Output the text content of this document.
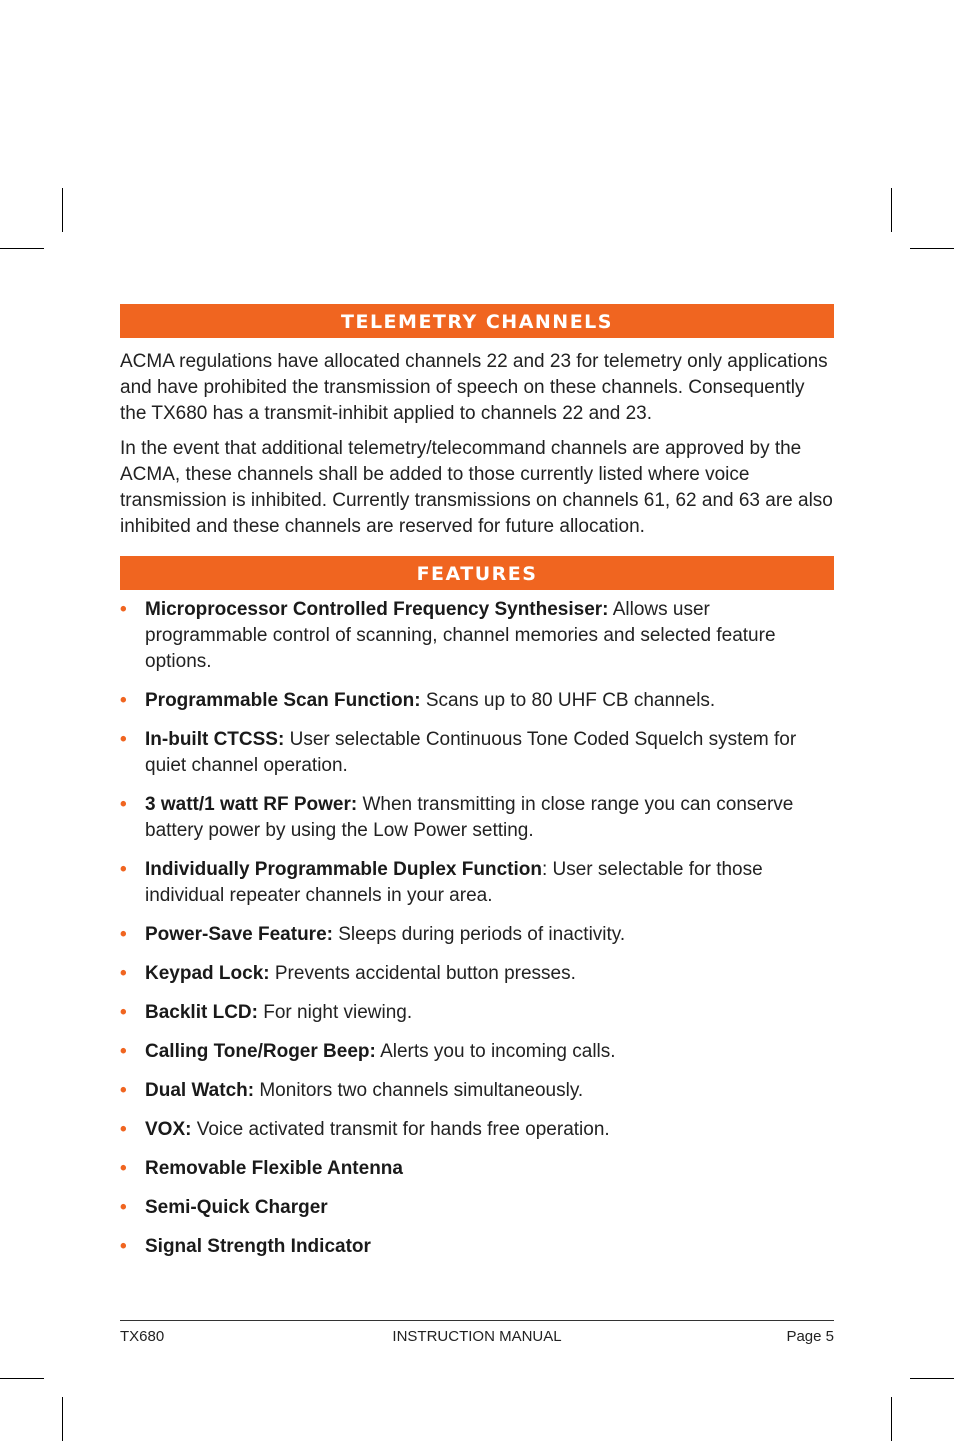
TELEMETRY CHANNELS

ACMA regulations have allocated channels 22 and 23 for telemetry only applications and have prohibited the transmission of speech on these channels. Consequently the TX680 has a transmit-inhibit applied to channels 22 and 23.

In the event that additional telemetry/telecommand channels are approved by the ACMA, these channels shall be added to those currently listed where voice transmission is inhibited. Currently transmissions on channels 61, 62 and 63 are also inhibited and these channels are reserved for future allocation.

FEATURES
• Microprocessor Controlled Frequency Synthesiser: Allows user programmable control of scanning, channel memories and selected feature options.
• Programmable Scan Function: Scans up to 80 UHF CB channels.
• In-built CTCSS: User selectable Continuous Tone Coded Squelch system for quiet channel operation.
• 3 watt/1 watt RF Power: When transmitting in close range you can conserve battery power by using the Low Power setting.
• Individually Programmable Duplex Function: User selectable for those individual repeater channels in your area.
• Power-Save Feature: Sleeps during periods of inactivity.
• Keypad Lock: Prevents accidental button presses.
• Backlit LCD: For night viewing.
• Calling Tone/Roger Beep: Alerts you to incoming calls.
• Dual Watch: Monitors two channels simultaneously.
• VOX: Voice activated transmit for hands free operation.
• Removable Flexible Antenna
• Semi-Quick Charger
• Signal Strength Indicator
TX680	INSTRUCTION MANUAL	Page 5
